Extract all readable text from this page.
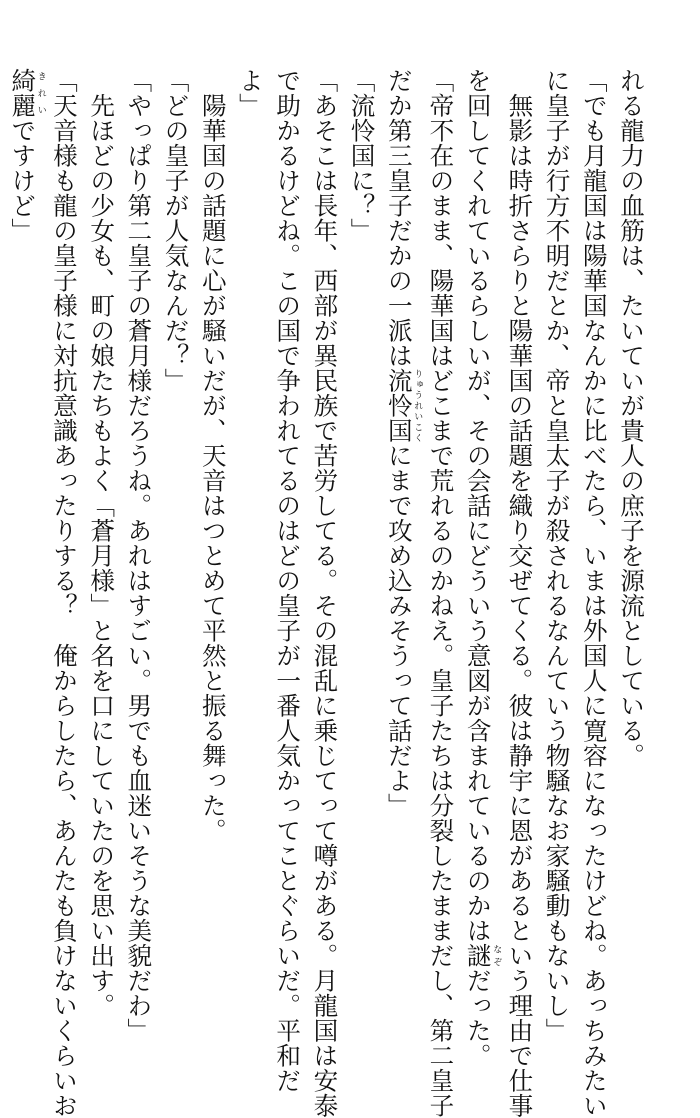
れる龍力の血筋は、たいていが貴人の庶子を源流としている。
「でも月龍国は陽華国なんかに比べたら、いまは外国人に寛容になったけどね。あっちみたい
に皇子が行方不明だとか、帝と皇太子が殺されるなんていう物騒なお家騒動もないし」
　無影は時折さらりと陽華国の話題を織り交ぜてくる。彼は静宇に恩があるという理由で仕事
を回してくれているらしいが、その会話にどういう意図が含まれているのかは謎なぞだった。
「帝不在のまま、陽華国はどこまで荒れるのかねえ。皇子たちは分裂したままだし、第二皇子
だか第三皇子だかの一派は流怜国りゅうれいこくにまで攻め込みそうって話だよ」
「流怜国に？」
「あそこは長年、西部が異民族で苦労してる。その混乱に乗じてって噂がある。月龍国は安泰
で助かるけどね。この国で争われてるのはどの皇子が一番人気かってことぐらいだ。平和だ
よ」
　陽華国の話題に心が騒いだが、天音はつとめて平然と振る舞った。
「どの皇子が人気なんだ？」
「やっぱり第二皇子の蒼月様だろうね。あれはすごい。男でも血迷いそうな美貌だわ」
　先ほどの少女も、町の娘たちもよく「蒼月様」と名を口にしていたのを思い出す。
「天音様も龍の皇子様に対抗意識あったりする？　俺からしたら、あんたも負けないくらいお
綺麗きれいですけど」
